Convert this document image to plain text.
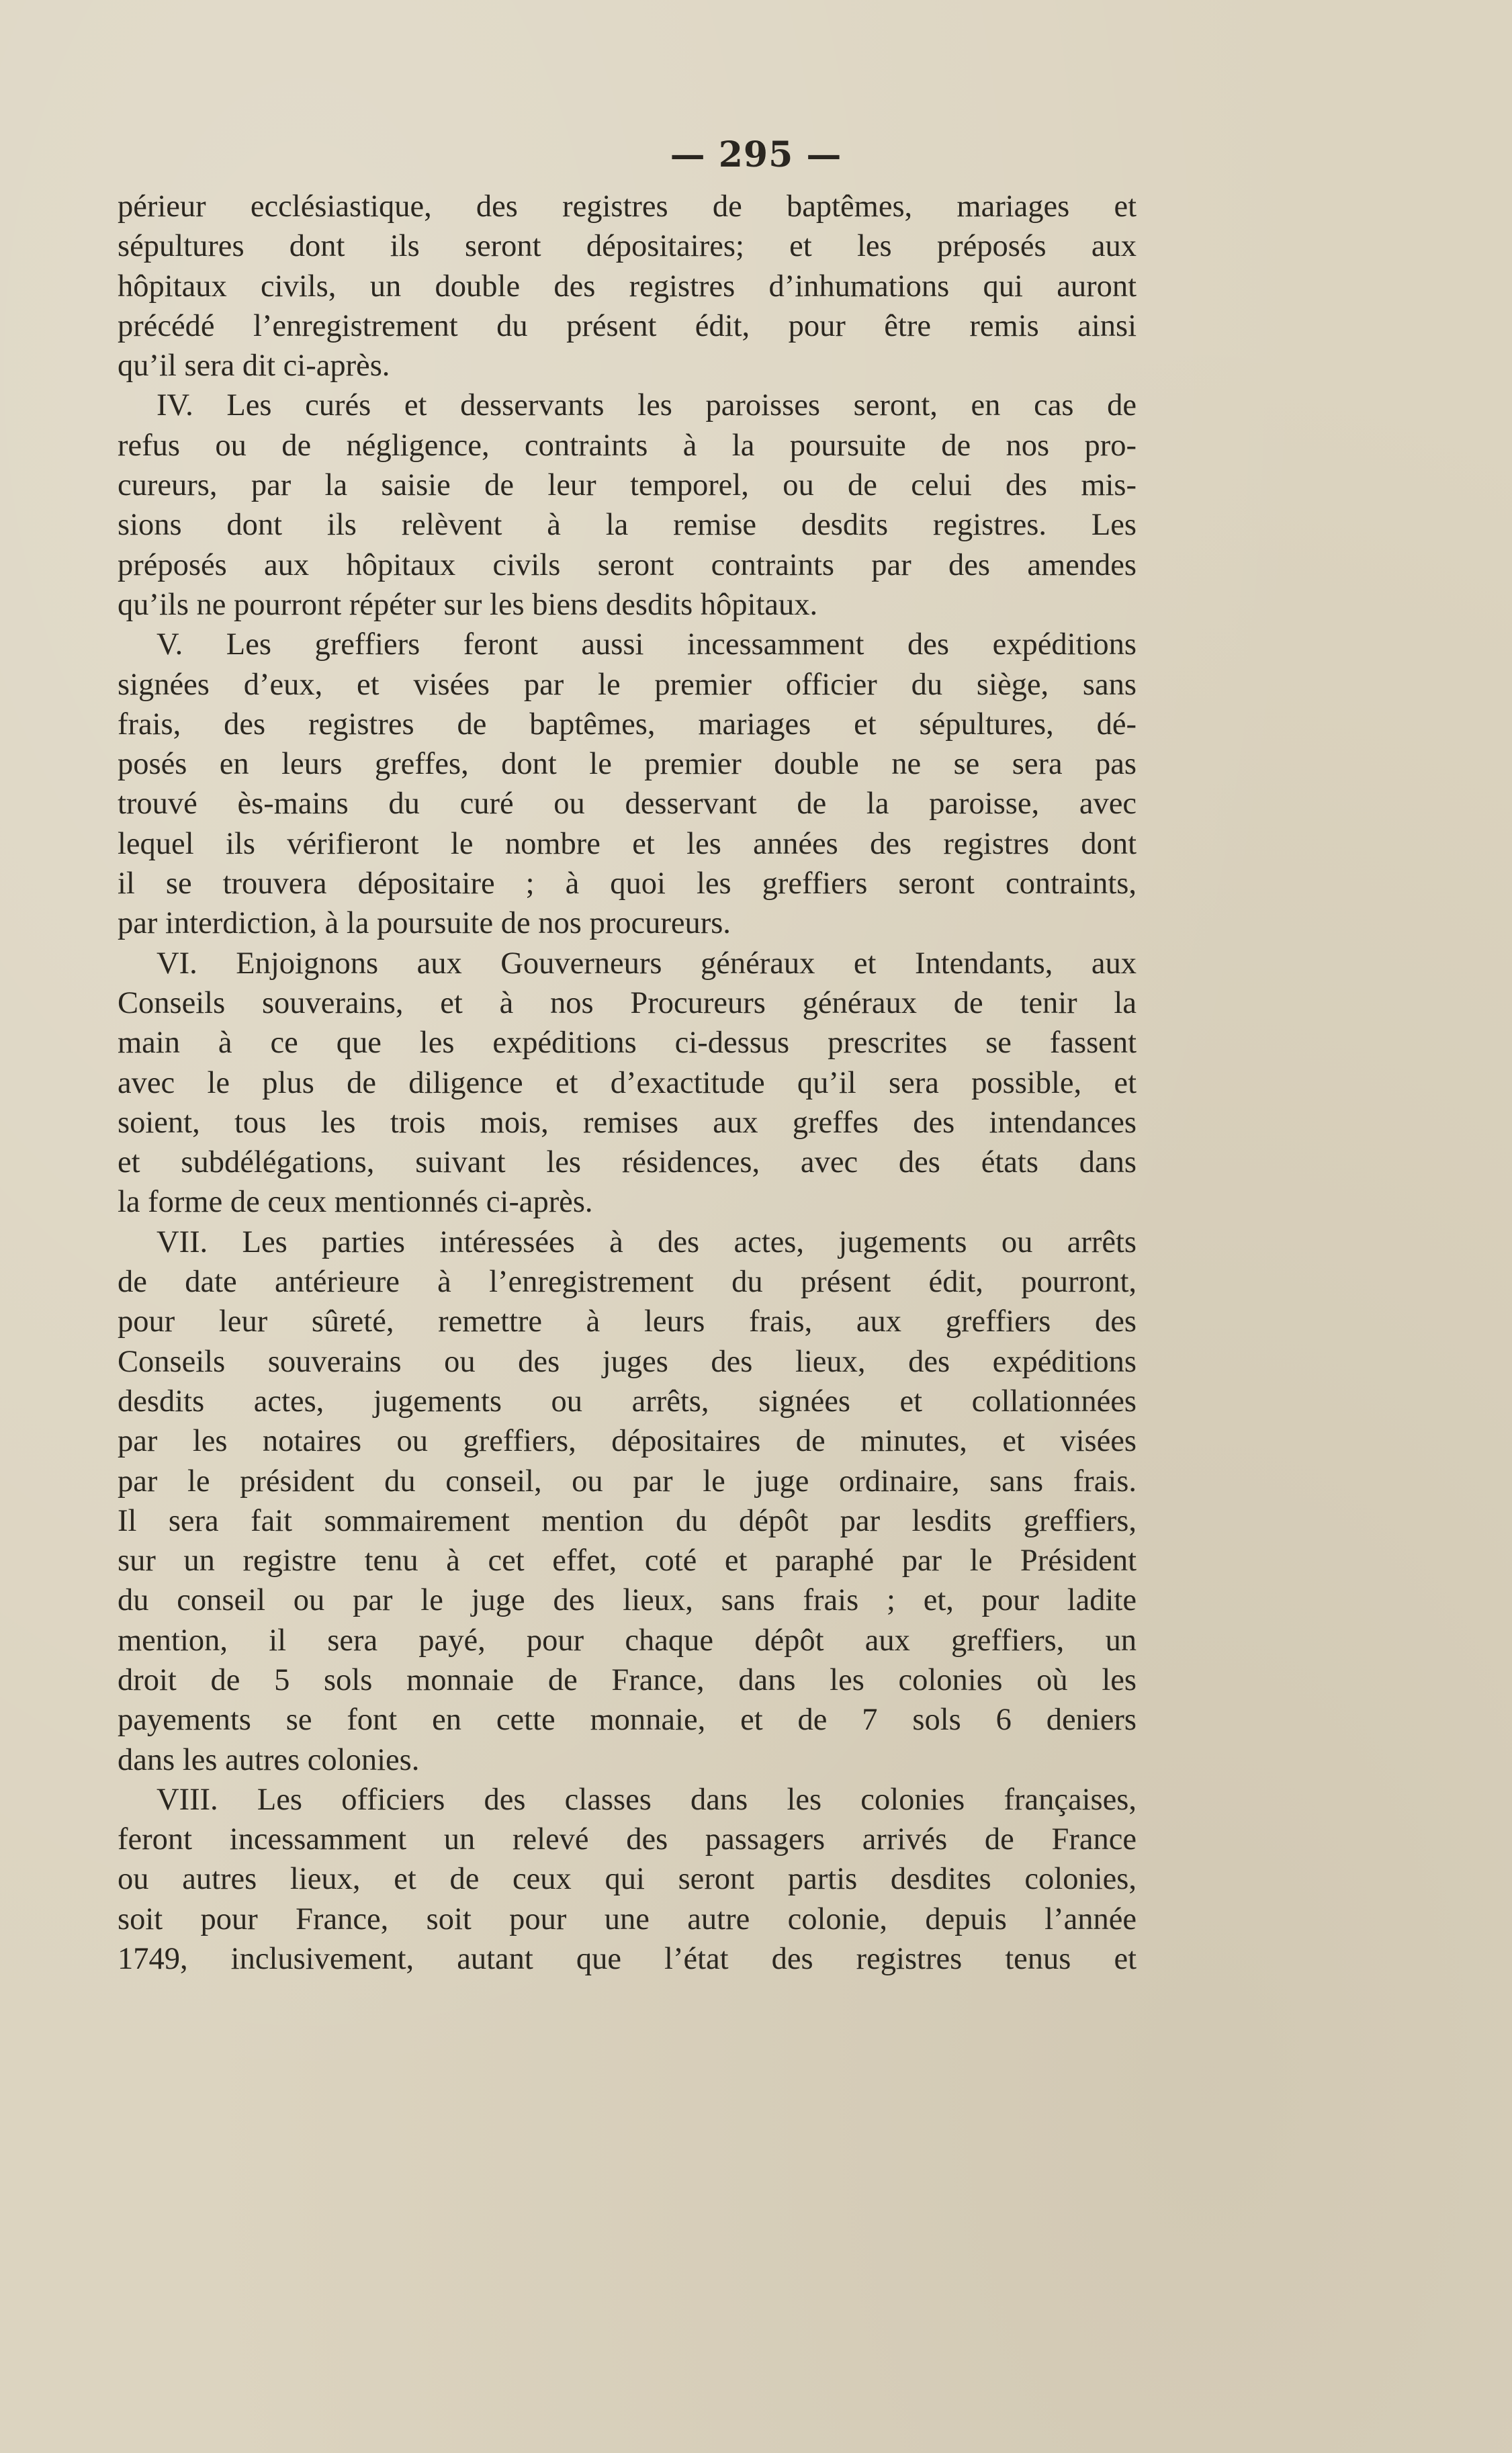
— 295 —
périeur ecclésiastique, des registres de baptêmes, mariages et
sépultures dont ils seront dépositaires; et les préposés aux
hôpitaux civils, un double des registres d’inhumations qui auront
précédé l’enregistrement du présent édit, pour être remis ainsi
qu’il sera dit ci-après.
IV. Les curés et desservants les paroisses seront, en cas de
refus ou de négligence, contraints à la poursuite de nos pro-
cureurs, par la saisie de leur temporel, ou de celui des mis-
sions dont ils relèvent à la remise desdits registres. Les
préposés aux hôpitaux civils seront contraints par des amendes
qu’ils ne pourront répéter sur les biens desdits hôpitaux.
V. Les greffiers feront aussi incessamment des expéditions
signées d’eux, et visées par le premier officier du siège, sans
frais, des registres de baptêmes, mariages et sépultures, dé-
posés en leurs greffes, dont le premier double ne se sera pas
trouvé ès-mains du curé ou desservant de la paroisse, avec
lequel ils vérifieront le nombre et les années des registres dont
il se trouvera dépositaire ; à quoi les greffiers seront contraints,
par interdiction, à la poursuite de nos procureurs.
VI. Enjoignons aux Gouverneurs généraux et Intendants, aux
Conseils souverains, et à nos Procureurs généraux de tenir la
main à ce que les expéditions ci-dessus prescrites se fassent
avec le plus de diligence et d’exactitude qu’il sera possible, et
soient, tous les trois mois, remises aux greffes des intendances
et subdélégations, suivant les résidences, avec des états dans
la forme de ceux mentionnés ci-après.
VII. Les parties intéressées à des actes, jugements ou arrêts
de date antérieure à l’enregistrement du présent édit, pourront,
pour leur sûreté, remettre à leurs frais, aux greffiers des
Conseils souverains ou des juges des lieux, des expéditions
desdits actes, jugements ou arrêts, signées et collationnées
par les notaires ou greffiers, dépositaires de minutes, et visées
par le président du conseil, ou par le juge ordinaire, sans frais.
Il sera fait sommairement mention du dépôt par lesdits greffiers,
sur un registre tenu à cet effet, coté et paraphé par le Président
du conseil ou par le juge des lieux, sans frais ; et, pour ladite
mention, il sera payé, pour chaque dépôt aux greffiers, un
droit de 5 sols monnaie de France, dans les colonies où les
payements se font en cette monnaie, et de 7 sols 6 deniers
dans les autres colonies.
VIII. Les officiers des classes dans les colonies françaises,
feront incessamment un relevé des passagers arrivés de France
ou autres lieux, et de ceux qui seront partis desdites colonies,
soit pour France, soit pour une autre colonie, depuis l’année
1749, inclusivement, autant que l’état des registres tenus et
